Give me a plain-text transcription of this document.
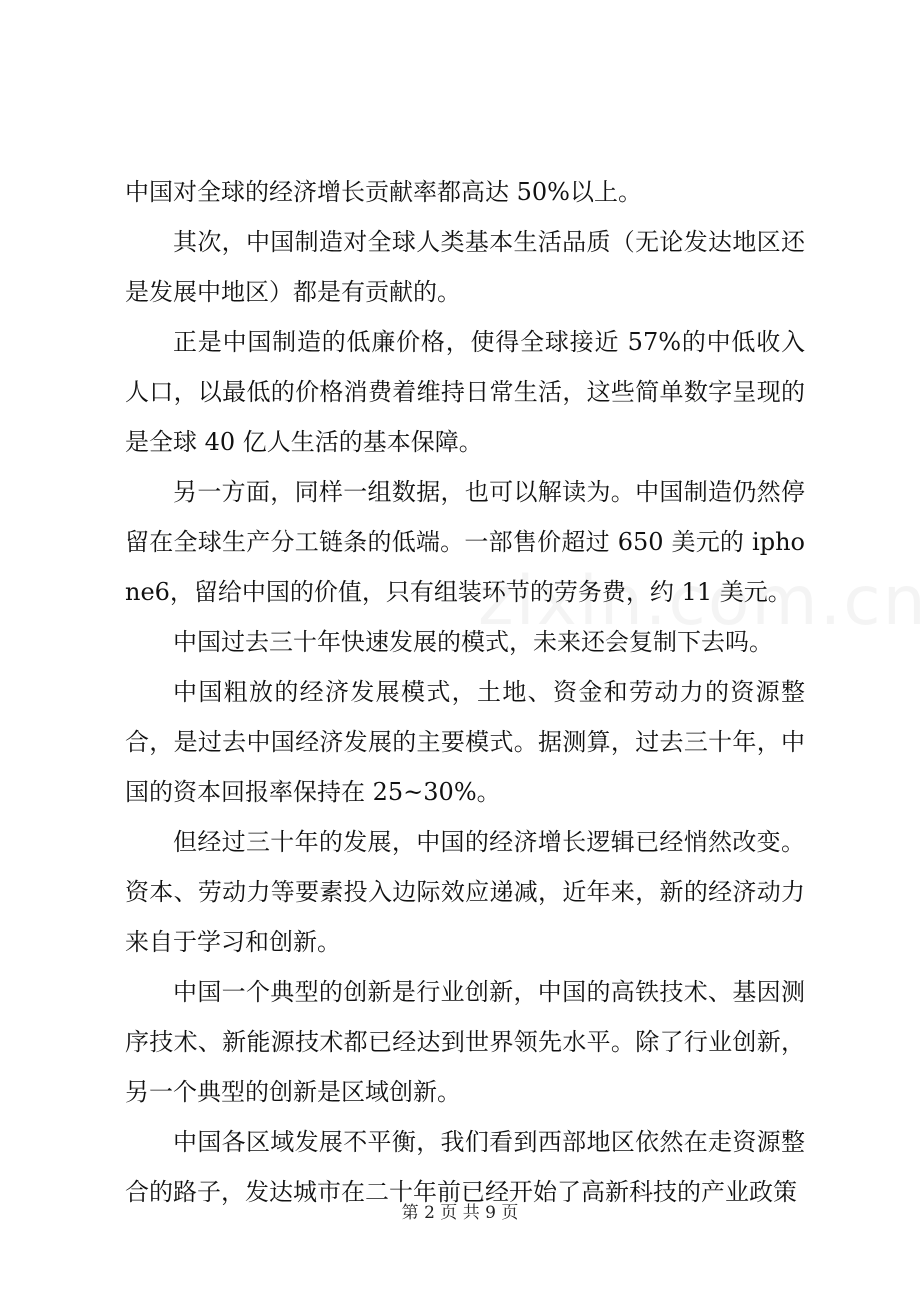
中国对全球的经济增长贡献率都高达 50%以上。

其次，中国制造对全球人类基本生活品质（无论发达地区还是发展中地区）都是有贡献的。

正是中国制造的低廉价格，使得全球接近 57%的中低收入人口，以最低的价格消费着维持日常生活，这些简单数字呈现的是全球 40 亿人生活的基本保障。

另一方面，同样一组数据，也可以解读为。中国制造仍然停留在全球生产分工链条的低端。一部售价超过 650 美元的 iphone6，留给中国的价值，只有组装环节的劳务费，约 11 美元。

中国过去三十年快速发展的模式，未来还会复制下去吗。

中国粗放的经济发展模式，土地、资金和劳动力的资源整合，是过去中国经济发展的主要模式。据测算，过去三十年，中国的资本回报率保持在 25~30%。

但经过三十年的发展，中国的经济增长逻辑已经悄然改变。资本、劳动力等要素投入边际效应递减，近年来，新的经济动力来自于学习和创新。

中国一个典型的创新是行业创新，中国的高铁技术、基因测序技术、新能源技术都已经达到世界领先水平。除了行业创新，另一个典型的创新是区域创新。

中国各区域发展不平衡，我们看到西部地区依然在走资源整合的路子，发达城市在二十年前已经开始了高新科技的产业政策

第 2 页 共 9 页
